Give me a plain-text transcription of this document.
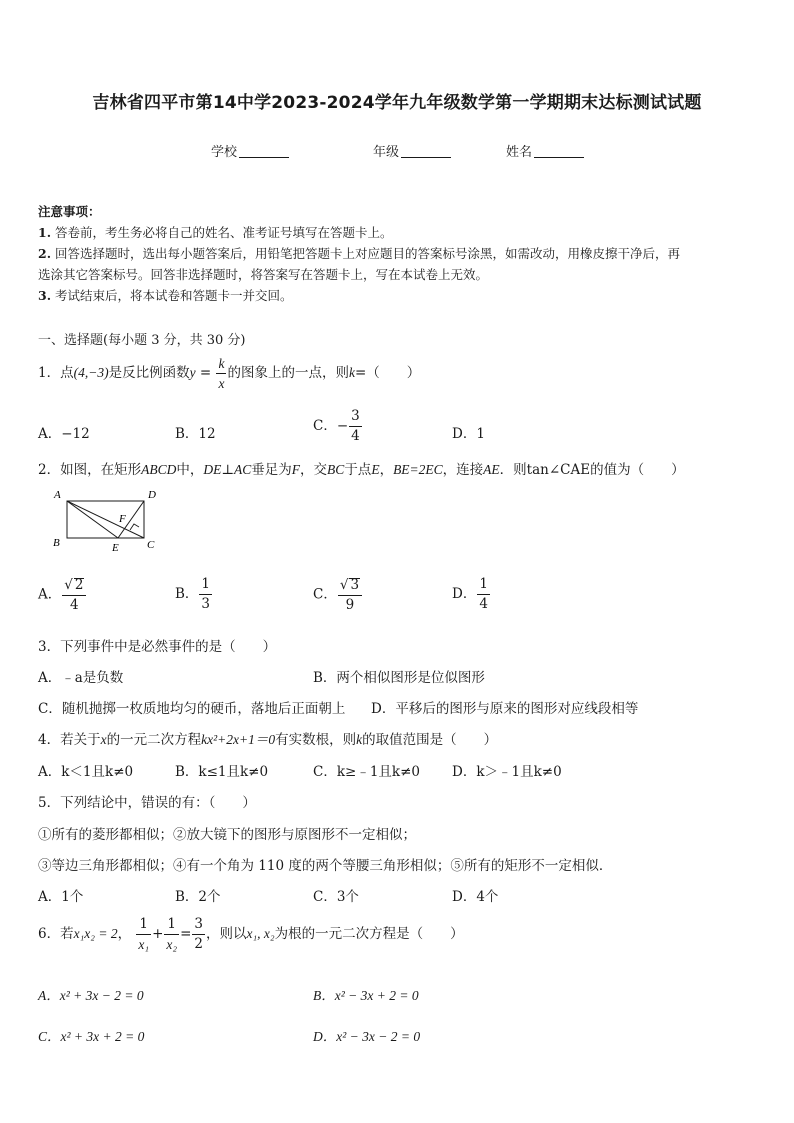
吉林省四平市第14中学2023-2024学年九年级数学第一学期期末达标测试试题
学校	年级	姓名
注意事项：
1. 答卷前，考生务必将自己的姓名、准考证号填写在答题卡上。
2. 回答选择题时，选出每小题答案后，用铅笔把答题卡上对应题目的答案标号涂黑，如需改动，用橡皮擦干净后，再
选涂其它答案标号。回答非选择题时，将答案写在答题卡上，写在本试卷上无效。
3. 考试结束后，将本试卷和答题卡一并交回。
一、选择题(每小题 3 分，共 30 分)
1．点(4,−3)是反比例函数$y = \frac{k}{x}$ 的图象上的一点，则k=（　　）
A．−12	B．12	C．− $\frac{3}{4}$	D．1
2．如图，在矩形ABCD中，DE⊥AC垂足为F，交BC于点E，BE=2EC，连接AE．则tan∠CAE的值为（　　）
A	D
B	C
E
F
A． $\frac{√ 2}{4}$	B． $\frac{1}{3}$	C． $\frac{√ 3}{9}$	D． $\frac{1}{4}$
3．下列事件中是必然事件的是（　　）
A．﹣a是负数	B．两个相似图形是位似图形
C．随机抛掷一枚质地均匀的硬币，落地后正面朝上 D．平移后的图形与原来的图形对应线段相等
4．若关于x的一元二次方程kx²+2x+1＝0有实数根，则k的取值范围是（　　）
A．k＜1且k≠0	B．k≤1且k≠0	C．k≥﹣1且k≠0 D．k＞﹣1且k≠0
5．下列结论中，错误的有：（　　）
①所有的菱形都相似；②放大镜下的图形与原图形不一定相似；
③等边三角形都相似；④有一个角为 110 度的两个等腰三角形相似；⑤所有的矩形不一定相似．
A．1个	B．2个	C．3个	D．4个
6．若x₁x₂ = 2， $\frac{1}{\text{x₁}} + \frac{1}{\text{x₂}} = \frac{3}{2}$ ，则以x₁, x₂为根的一元二次方程是（　　）
A．x² + 3x − 2 = 0	B．x² − 3x + 2 = 0
C．x² + 3x + 2 = 0	D．x² − 3x − 2 = 0
